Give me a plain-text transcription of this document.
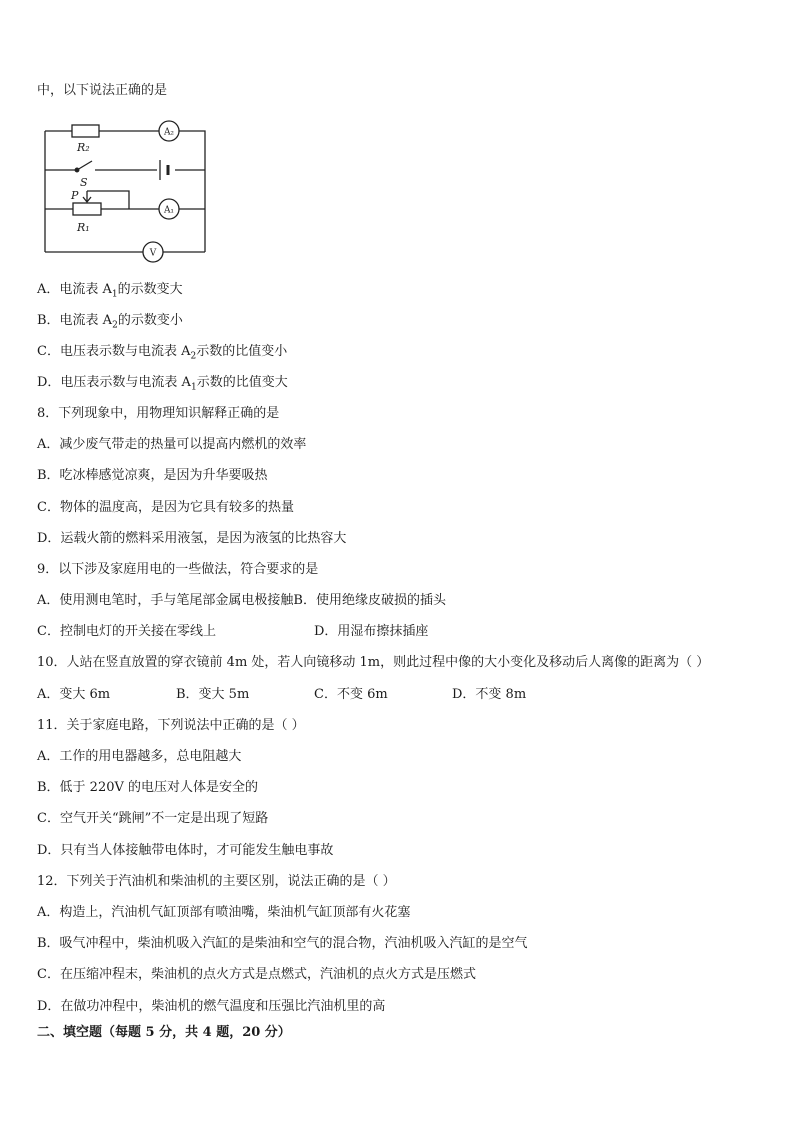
中，以下说法正确的是
R₂
S
P
R₁
A₂
A₁
V
A．电流表 $A_1$的示数变大
B．电流表 $A_2$的示数变小
C．电压表示数与电流表 $A_2$示数的比值变小
D．电压表示数与电流表 $A_1$示数的比值变大
8．下列现象中，用物理知识解释正确的是
A．减少废气带走的热量可以提高内燃机的效率
B．吃冰棒感觉凉爽，是因为升华要吸热
C．物体的温度高，是因为它具有较多的热量
D．运载火箭的燃料采用液氢，是因为液氢的比热容大
9．以下涉及家庭用电的一些做法，符合要求的是
A．使用测电笔时，手与笔尾部金属电极接触B．使用绝缘皮破损的插头
C．控制电灯的开关接在零线上	D．用湿布擦抹插座
10．人站在竖直放置的穿衣镜前 4m 处，若人向镜移动 1m，则此过程中像的大小变化及移动后人离像的距离为（ ）
A．变大 6m	B．变大 5m	C．不变 6m	D．不变 8m
11．关于家庭电路，下列说法中正确的是（ ）
A．工作的用电器越多，总电阻越大
B．低于 220V 的电压对人体是安全的
C．空气开关“跳闸”不一定是出现了短路
D．只有当人体接触带电体时，才可能发生触电事故
12．下列关于汽油机和柴油机的主要区别，说法正确的是（ ）
A．构造上，汽油机气缸顶部有喷油嘴，柴油机气缸顶部有火花塞
B．吸气冲程中，柴油机吸入汽缸的是柴油和空气的混合物，汽油机吸入汽缸的是空气
C．在压缩冲程末，柴油机的点火方式是点燃式，汽油机的点火方式是压燃式
D．在做功冲程中，柴油机的燃气温度和压强比汽油机里的高
二、填空题（每题 5 分，共 4 题，20 分）
